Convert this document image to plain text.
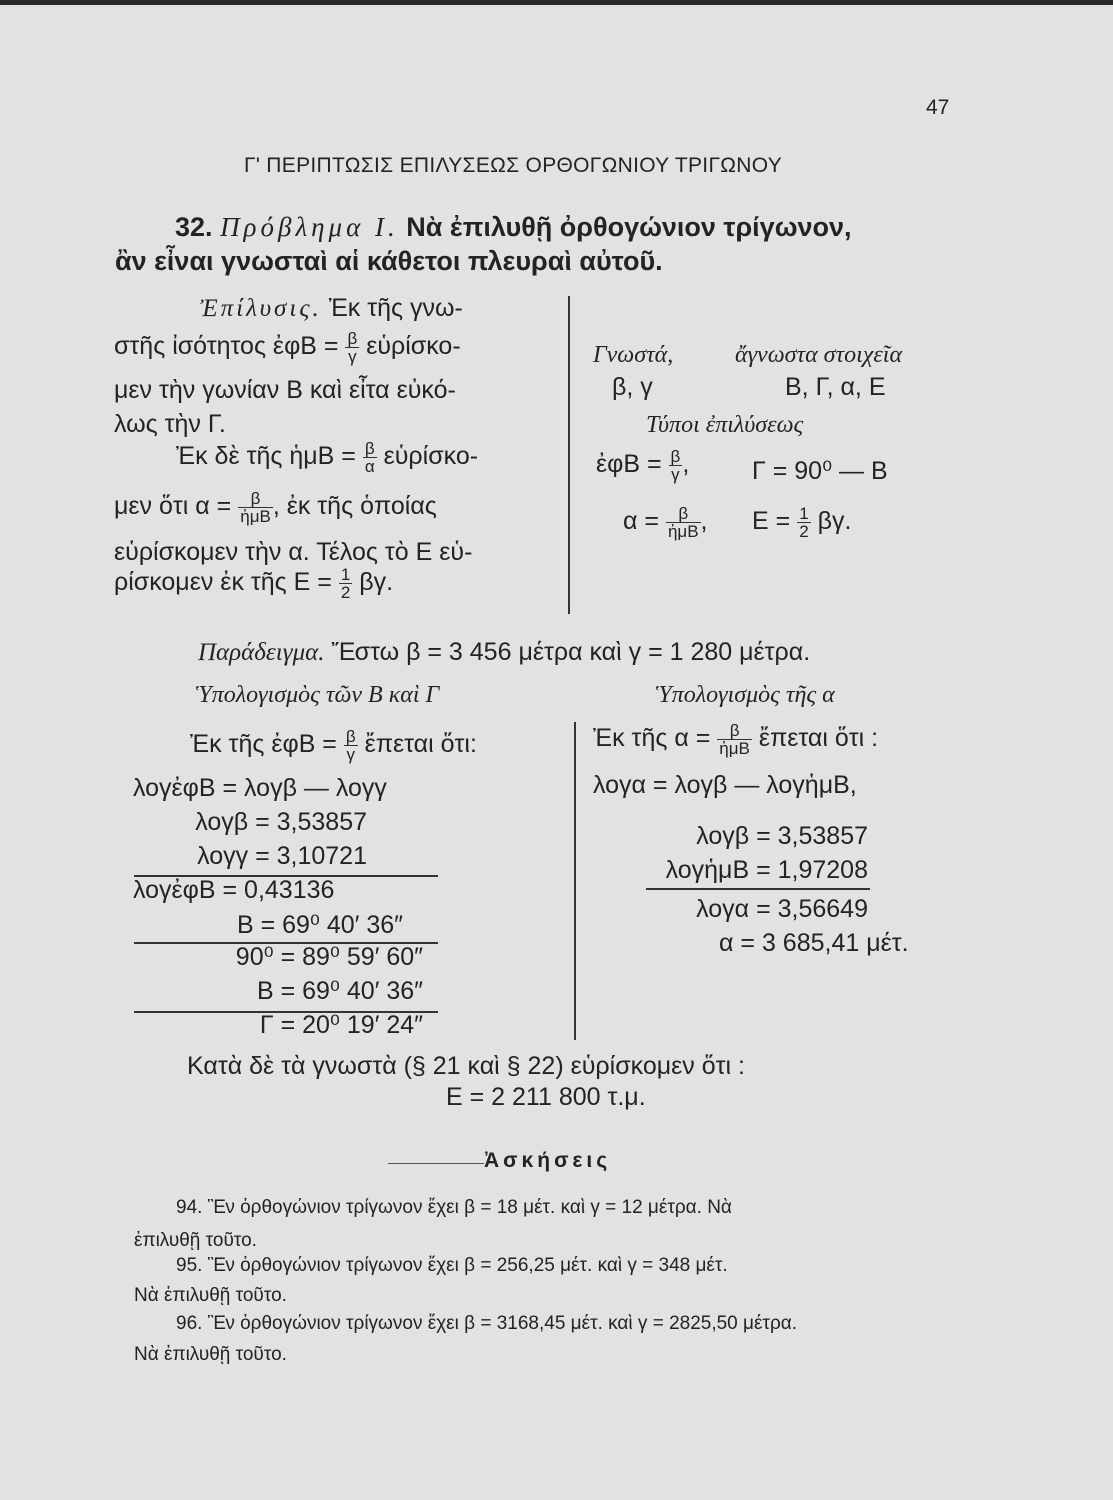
47
Γ' ΠΕΡΙΠΤΩΣΙΣ ΕΠΙΛΥΣΕΩΣ ΟΡΘΟΓΩΝΙΟΥ ΤΡΙΓΩΝΟΥ
32. Πρόβλημα Ι. Νὰ ἐπιλυθῇ ὀρθογώνιον τρίγωνον,
ἂν εἶναι γνωσταὶ αἱ κάθετοι πλευραὶ αὐτοῦ.
Ἐπίλυσις. Ἐκ τῆς γνω-
στῆς ἰσότητος ἐφΒ = $\frac{\beta}{\gamma}$ εὑρίσκο-
μεν τὴν γωνίαν Β καὶ εἶτα εὐκό-
λως τὴν Γ.
Ἐκ δὲ τῆς ἡμΒ = $\frac{\beta}{\alpha}$ εὑρίσκο-
μεν ὅτι $\alpha = \frac{\beta}{\text{ἡμΒ}}$ , ἐκ τῆς ὁποίας
εὑρίσκομεν τὴν α. Τέλος τὸ Ε εὑ-
ρίσκομεν ἐκ τῆς $E = \frac{1}{2} \beta\gamma$.
Γνωστά,	ἄγνωστα στοιχεῖα
β, γ	Β, Γ, α, Ε
Τύποι ἐπιλύσεως
ἐφΒ = $\frac{\beta}{\gamma}$ ,	Γ = 90⁰ — Β
$\alpha = \frac{\beta}{\text{ἡμΒ}}$ , $E = \frac{1}{2} \beta\gamma$.
Παράδειγμα. Ἔστω β = 3 456 μέτρα καὶ γ = 1 280 μέτρα.
Ὑπολογισμὸς τῶν Β καὶ Γ
Ἐκ τῆς ἐφΒ = $\frac{\beta}{\gamma}$ ἔπεται ὅτι:
λογἐφΒ = λογβ — λογγ
λογβ = 3,53857
λογγ = 3,10721
λογἐφΒ = 0,43136
Β = 69⁰ 40′ 36″
90⁰ = 89⁰ 59′ 60″
Β = 69⁰ 40′ 36″
Γ = 20⁰ 19′ 24″
Ὑπολογισμὸς τῆς α
Ἐκ τῆς $\alpha = \frac{\beta}{\text{ἡμΒ}}$ ἔπεται ὅτι :
λογα = λογβ — λογἡμΒ,
λογβ = 3,53857
λογἡμΒ = 1,97208
λογα = 3,56649
α = 3 685,41 μέτ.
Κατὰ δὲ τὰ γνωστὰ (§ 21 καὶ § 22) εὑρίσκομεν ὅτι :
Ε = 2 211 800 τ.μ.
Ἀσκήσεις
94. Ἓν ὀρθογώνιον τρίγωνον ἔχει β = 18 μέτ. καὶ γ = 12 μέτρα. Νὰ
ἐπιλυθῇ τοῦτο.
95. Ἓν ὀρθογώνιον τρίγωνον ἔχει β = 256,25 μέτ. καὶ γ = 348 μέτ.
Νὰ ἐπιλυθῇ τοῦτο.
96. Ἓν ὀρθογώνιον τρίγωνον ἔχει β = 3168,45 μέτ. καὶ γ = 2825,50 μέτρα.
Νὰ ἐπιλυθῇ τοῦτο.
